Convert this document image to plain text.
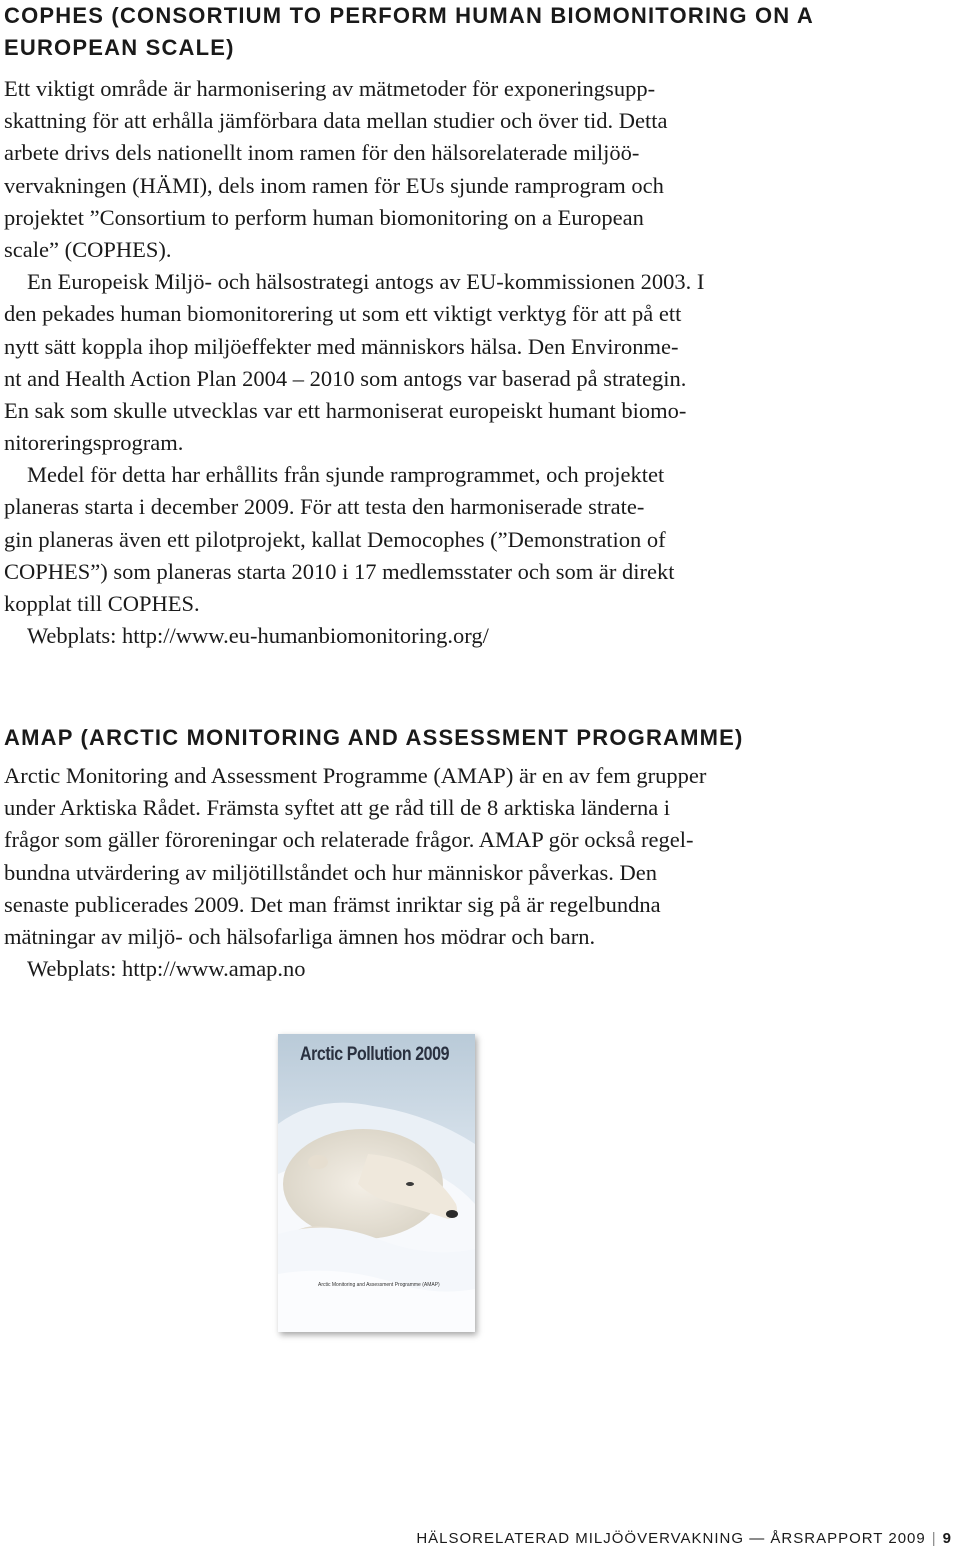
COPHES (CONSORTIUM TO PERFORM HUMAN BIOMONITORING ON A
EUROPEAN SCALE)
Ett viktigt område är harmonisering av mätmetoder för exponeringsupp-
skattning för att erhålla jämförbara data mellan studier och över tid. Detta
arbete drivs dels nationellt inom ramen för den hälsorelaterade miljöö-
vervakningen (HÄMI), dels inom ramen för EUs sjunde ramprogram och
projektet ”Consortium to perform human biomonitoring on a European
scale” (COPHES).
En Europeisk Miljö- och hälsostrategi antogs av EU-kommissionen 2003. I
den pekades human biomonitorering ut som ett viktigt verktyg för att på ett
nytt sätt koppla ihop miljöeffekter med människors hälsa. Den Environme-
nt and Health Action Plan 2004 – 2010 som antogs var baserad på strategin.
En sak som skulle utvecklas var ett harmoniserat europeiskt humant biomo-
nitoreringsprogram.
Medel för detta har erhållits från sjunde ramprogrammet, och projektet
planeras starta i december 2009. För att testa den harmoniserade strate-
gin planeras även ett pilotprojekt, kallat Democophes (”Demonstration of
COPHES”) som planeras starta 2010 i 17 medlemsstater och som är direkt
kopplat till COPHES.
Webplats: http://www.eu-humanbiomonitoring.org/
AMAP (ARCTIC MONITORING AND ASSESSMENT PROGRAMME)
Arctic Monitoring and Assessment Programme (AMAP) är en av fem grupper
under Arktiska Rådet. Främsta syftet att ge råd till de 8 arktiska länderna i
frågor som gäller föroreningar och relaterade frågor. AMAP gör också regel-
bundna utvärdering av miljötillståndet och hur människor påverkas. Den
senaste publicerades 2009. Det man främst inriktar sig på är regelbundna
mätningar av miljö- och hälsofarliga ämnen hos mödrar och barn.
Webplats: http://www.amap.no
Arctic Pollution 2009
Arctic Monitoring and Assessment Programme (AMAP)
HÄLSORELATERAD MILJÖÖVERVAKNING — ÅRSRAPPORT 2009 | 9
